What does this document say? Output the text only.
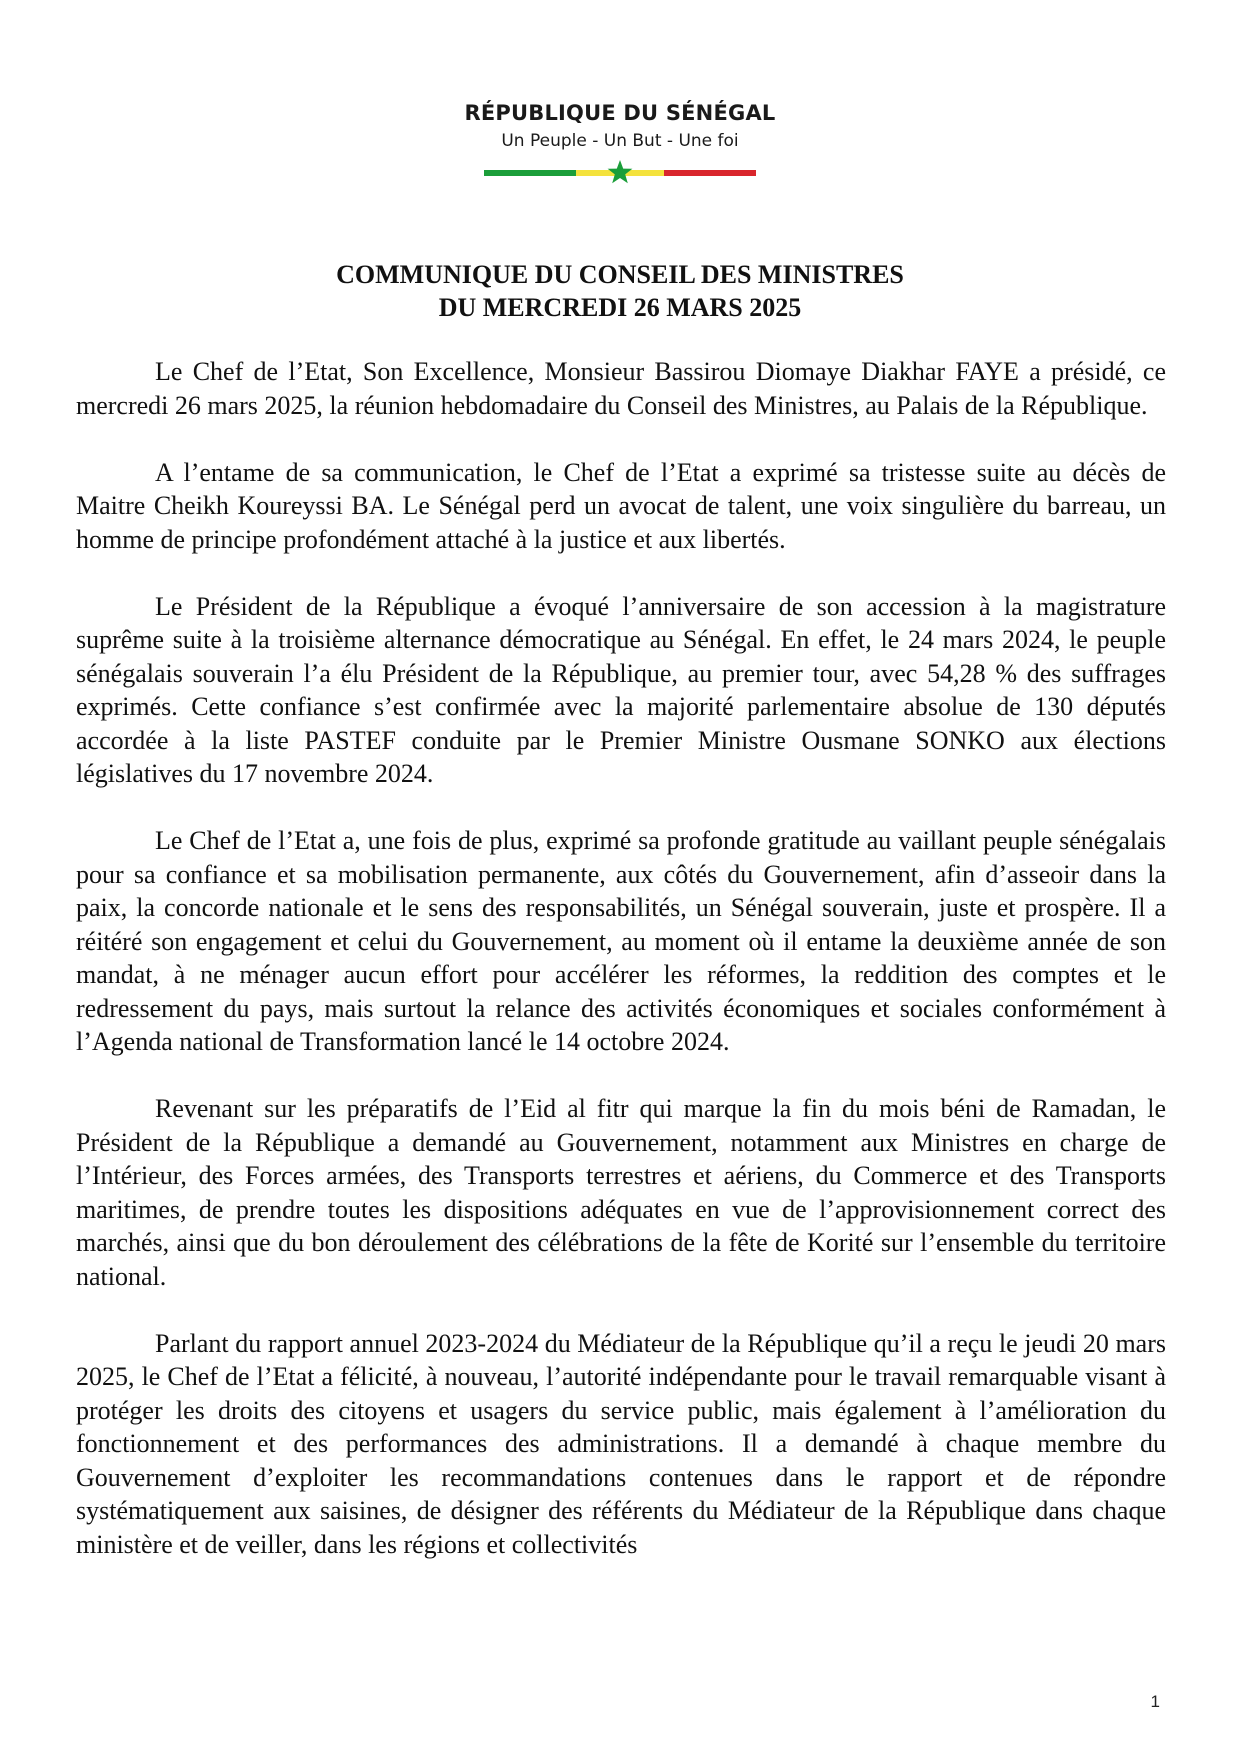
RÉPUBLIQUE DU SÉNÉGAL
Un Peuple - Un But - Une foi
COMMUNIQUE DU CONSEIL DES MINISTRES
DU MERCREDI 26 MARS 2025

Le Chef de l’Etat, Son Excellence, Monsieur Bassirou Diomaye Diakhar FAYE a présidé, ce mercredi 26 mars 2025, la réunion hebdomadaire du Conseil des Ministres, au Palais de la République.

A l’entame de sa communication, le Chef de l’Etat a exprimé sa tristesse suite au décès de Maitre Cheikh Koureyssi BA. Le Sénégal perd un avocat de talent, une voix singulière du barreau, un homme de principe profondément attaché à la justice et aux libertés.

Le Président de la République a évoqué l’anniversaire de son accession à la magistrature suprême suite à la troisième alternance démocratique au Sénégal. En effet, le 24 mars 2024, le peuple sénégalais souverain l’a élu Président de la République, au premier tour, avec 54,28 % des suffrages exprimés. Cette confiance s’est confirmée avec la majorité parlementaire absolue de 130 députés accordée à la liste PASTEF conduite par le Premier Ministre Ousmane SONKO aux élections législatives du 17 novembre 2024.

Le Chef de l’Etat a, une fois de plus, exprimé sa profonde gratitude au vaillant peuple sénégalais pour sa confiance et sa mobilisation permanente, aux côtés du Gouvernement, afin d’asseoir dans la paix, la concorde nationale et le sens des responsabilités, un Sénégal souverain, juste et prospère. Il a réitéré son engagement et celui du Gouvernement, au moment où il entame la deuxième année de son mandat, à ne ménager aucun effort pour accélérer les réformes, la reddition des comptes et le redressement du pays, mais surtout la relance des activités économiques et sociales conformément à l’Agenda national de Transformation lancé le 14 octobre 2024.

Revenant sur les préparatifs de l’Eid al fitr qui marque la fin du mois béni de Ramadan, le Président de la République a demandé au Gouvernement, notamment aux Ministres en charge de l’Intérieur, des Forces armées, des Transports terrestres et aériens, du Commerce et des Transports maritimes, de prendre toutes les dispositions adéquates en vue de l’approvisionnement correct des marchés, ainsi que du bon déroulement des célébrations de la fête de Korité sur l’ensemble du territoire national.

Parlant du rapport annuel 2023-2024 du Médiateur de la République qu’il a reçu le jeudi 20 mars 2025, le Chef de l’Etat a félicité, à nouveau, l’autorité indépendante pour le travail remarquable visant à protéger les droits des citoyens et usagers du service public, mais également à l’amélioration du fonctionnement et des performances des administrations. Il a demandé à chaque membre du Gouvernement d’exploiter les recommandations contenues dans le rapport et de répondre systématiquement aux saisines, de désigner des référents du Médiateur de la République dans chaque ministère et de veiller, dans les régions et collectivités

1
